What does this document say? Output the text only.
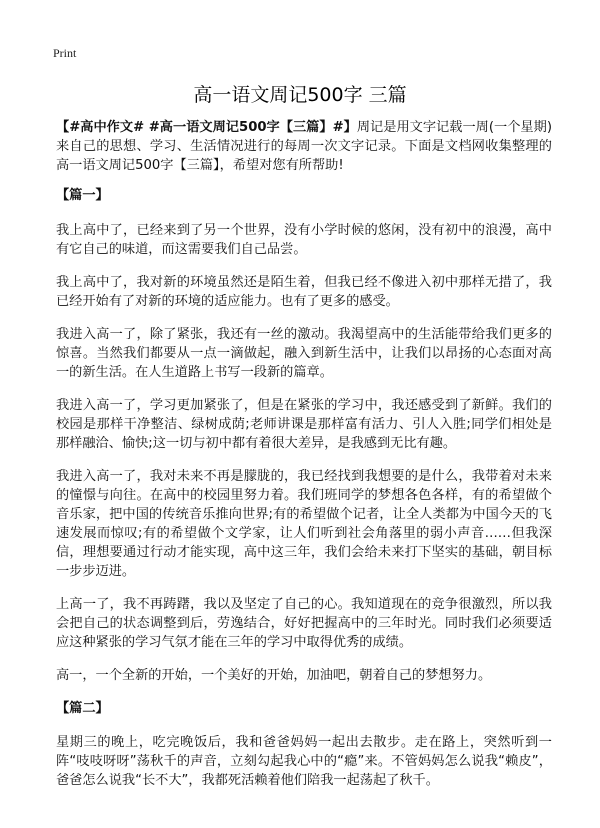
Print
高一语文周记500字 三篇

【#高中作文# #高一语文周记500字【三篇】#】周记是用文字记载一周(一个星期)来自己的思想、学习、生活情况进行的每周一次文字记录。下面是文档网收集整理的高一语文周记500字【三篇】，希望对您有所帮助!

【篇一】

我上高中了，已经来到了另一个世界，没有小学时候的悠闲，没有初中的浪漫，高中有它自己的味道，而这需要我们自己品尝。

我上高中了，我对新的环境虽然还是陌生着，但我已经不像进入初中那样无措了，我已经开始有了对新的环境的适应能力。也有了更多的感受。

我进入高一了，除了紧张，我还有一丝的激动。我渴望高中的生活能带给我们更多的惊喜。当然我们都要从一点一滴做起，融入到新生活中，让我们以昂扬的心态面对高一的新生活。在人生道路上书写一段新的篇章。

我进入高一了，学习更加紧张了，但是在紧张的学习中，我还感受到了新鲜。我们的校园是那样干净整洁、绿树成荫;老师讲课是那样富有活力、引人入胜;同学们相处是那样融洽、愉快;这一切与初中都有着很大差异，是我感到无比有趣。

我进入高一了，我对未来不再是朦胧的，我已经找到我想要的是什么，我带着对未来的憧憬与向往。在高中的校园里努力着。我们班同学的梦想各色各样，有的希望做个音乐家，把中国的传统音乐推向世界;有的希望做个记者，让全人类都为中国今天的飞速发展而惊叹;有的希望做个文学家，让人们听到社会角落里的弱小声音……但我深信，理想要通过行动才能实现，高中这三年，我们会给未来打下坚实的基础，朝目标一步步迈进。

上高一了，我不再踌躇，我以及坚定了自己的心。我知道现在的竞争很激烈，所以我会把自己的状态调整到后，劳逸结合，好好把握高中的三年时光。同时我们必须要适应这种紧张的学习气氛才能在三年的学习中取得优秀的成绩。

高一，一个全新的开始，一个美好的开始，加油吧，朝着自己的梦想努力。

【篇二】

星期三的晚上，吃完晚饭后，我和爸爸妈妈一起出去散步。走在路上，突然听到一阵“吱吱呀呀”荡秋千的声音，立刻勾起我心中的“瘾”来。不管妈妈怎么说我“赖皮”，爸爸怎么说我“长不大”，我都死活赖着他们陪我一起荡起了秋千。
